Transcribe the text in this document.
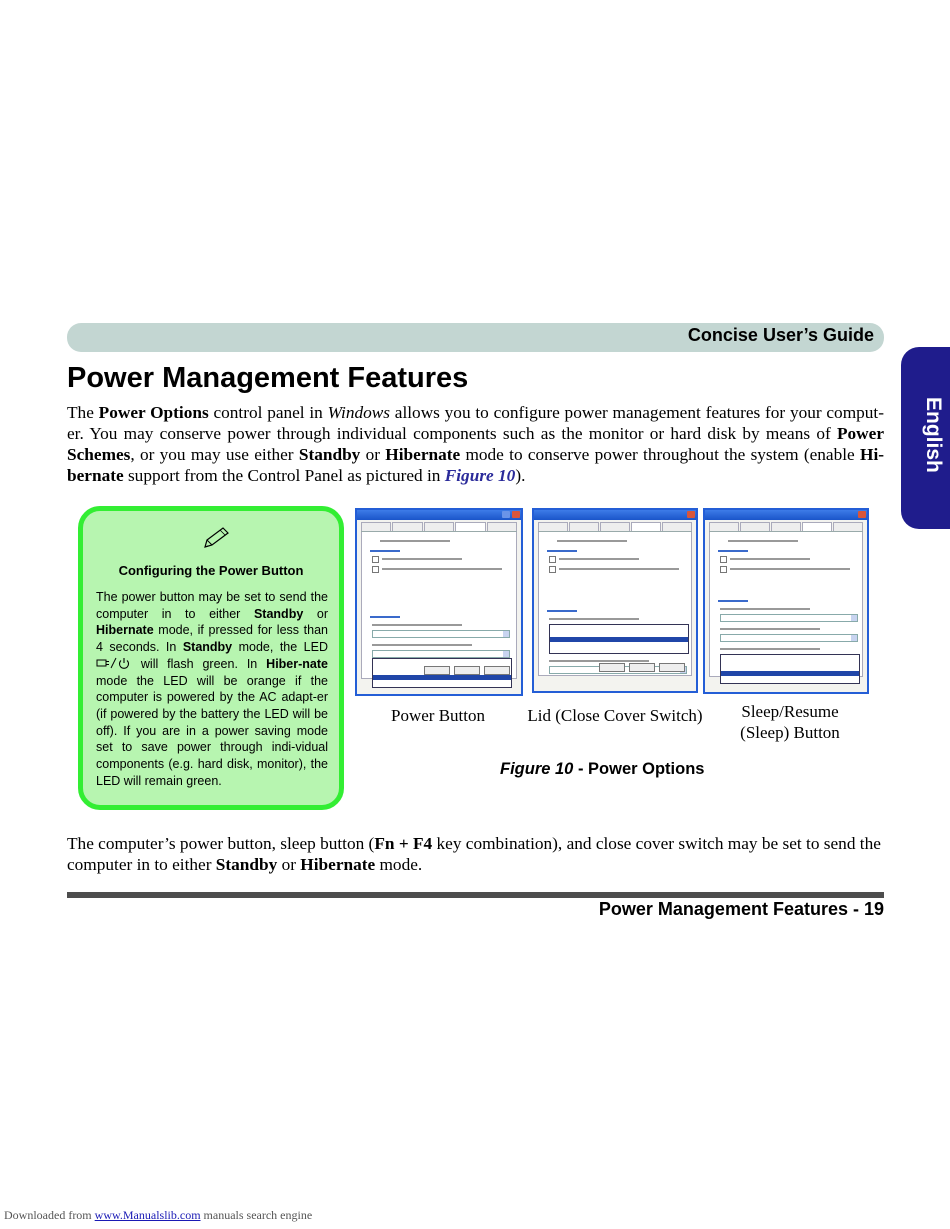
Concise User’s Guide
English
Power Management Features

The Power Options control panel in Windows allows you to configure power management features for your comput-er. You may conserve power through individual components such as the monitor or hard disk by means of Power Schemes, or you may use either Standby or Hibernate mode to conserve power throughout the system (enable Hi-bernate support from the Control Panel as pictured in Figure 10).

Configuring the Power Button

The power button may be set to send the computer in to either Standby or Hibernate mode, if pressed for less than 4 seconds. In Standby mode, the LED  will flash green. In Hiber-nate mode the LED will be orange if the computer is powered by the AC adapt-er (if powered by the battery the LED will be off). If you are in a power saving mode set to save power through indi-vidual components (e.g. hard disk, monitor), the LED will remain green.

Power Button	Lid (Close Cover Switch)	Sleep/Resume
(Sleep) Button
Figure 10 - Power Options

The computer’s power button, sleep button (Fn + F4 key combination), and close cover switch may be set to send the computer in to either Standby or Hibernate mode.

Power Management Features - 19
Downloaded from www.Manualslib.com manuals search engine
